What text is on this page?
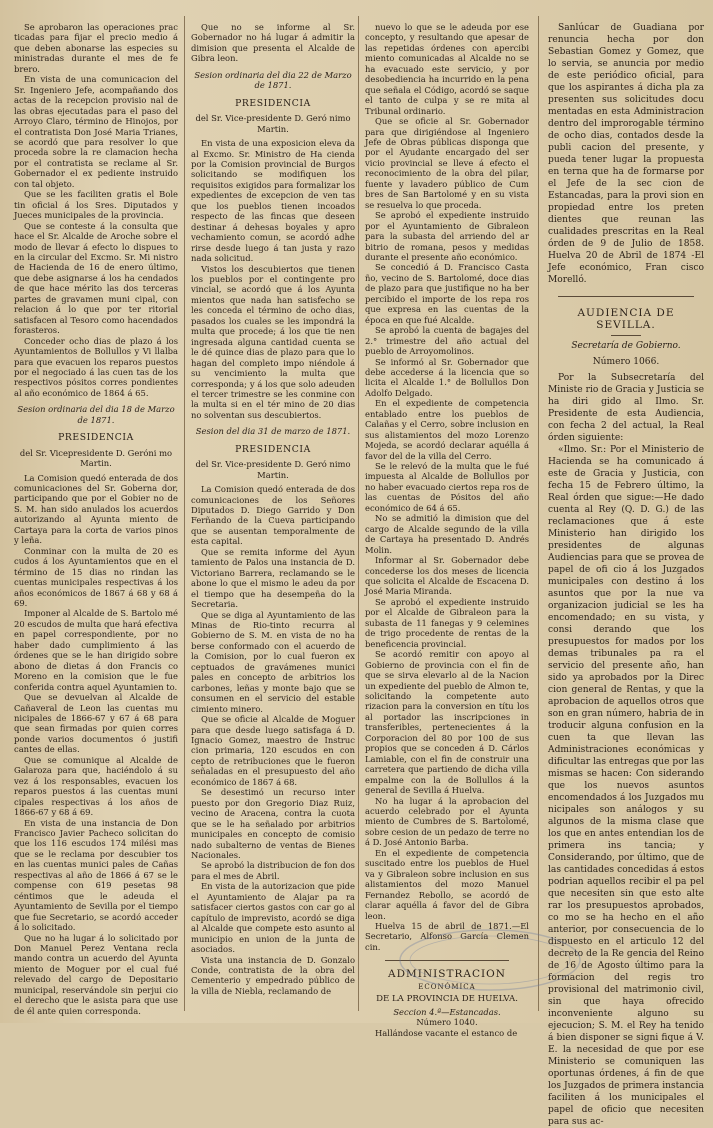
Se aprobaron las operaciones prac ticadas para fijar el precio medio á que deben abonarse las especies su ministradas durante el mes de fe brero.

En vista de una comunicacion del Sr. Ingeniero Jefe, acompañando dos actas de la recepcion provisio nal de las obras ejecutadas para el paso del Arroyo Claro, término de Hinojos, por el contratista Don José Maria Trianes, se acordó que para resolver lo que proceda sobre la re clamacion hecha por el contratista se reclame al Sr. Gobernador el ex pediente instruido con tal objeto.

Que se les faciliten gratis el Bole tin oficial á los Sres. Diputados y Jueces municipales de la provincia.

Que se conteste á la consulta que hace el Sr. Alcalde de Aroche sobre el modo de llevar á efecto lo dispues to en la circular del Excmo. Sr. Mi nistro de Hacienda de 16 de enero último, que debe asignarse á los ha cendados de que hace mérito las dos terceras partes de gravamen muni cipal, con relacion á lo que por ter ritorial satisfacen al Tesoro como hacendados forasteros.

Conceder ocho dias de plazo á los Ayuntamientos de Bollullos y Vi llalba para que evacuen los reparos puestos por el negociado á las cuen tas de los respectivos pósitos corres pondientes al año económico de 1864 á 65.

Sesion ordinaria del dia 18 de Marzo de 1871.

PRESIDENCIA

del Sr. Vicepresidente D. Geróni mo Martin.

La Comision quedó enterada de dos comunicaciones del Sr. Goberna dor, participando que por el Gobier no de S. M. han sido anulados los acuerdos autorizando al Ayunta miento de Cartaya para la corta de varios pinos y leña.

Conminar con la multa de 20 es cudos á los Ayuntamientos que en el término de 15 dias no rindan las cuentas municipales respectivas á los años económicos de 1867 á 68 y 68 á 69.

Imponer al Alcalde de S. Bartolo mé 20 escudos de multa que hará efectiva en papel correspondiente, por no haber dado cumplimiento á las órdenes que se le han dirigido sobre abono de dietas á don Francis co Moreno en la comision que le fue conferida contra aquel Ayuntamien to.

Que se devuelvan al Alcalde de Cañaveral de Leon las cuentas mu nicipales de 1866-67 y 67 á 68 para que sean firmadas por quien corres ponde varios documentos ó justifi cantes de ellas.

Que se comunique al Alcalde de Galaroza para que, haciéndolo á su vez á los responsables, evacuen los reparos puestos á las cuentas muni cipales respectivas á los años de 1866-67 y 68 á 69.

En vista de una instancia de Don Francisco Javier Pacheco solicitan do que los 116 escudos 174 milési mas que se le reclama por descubier tos en las cuentas munici pales de Cañas respectivas al año de 1866 á 67 se le compense con 619 pesetas 98 céntimos que le adeuda el Ayuntamiento de Sevilla por el tiempo que fue Secretario, se acordó acceder á lo solicitado.

Que no ha lugar á lo solicitado por Don Manuel Perez Ventana recla mando contra un acuerdo del Ayunta miento de Moguer por el cual fué relevado del cargo de Depositario municipal, reservándole sin perjui cio el derecho que le asista para que use de él ante quien corresponda.

Que no se informe al Sr. Gobernador no há lugar á admitir la dimision que presenta el Alcalde de Gibra leon.

Sesion ordinaria del dia 22 de Marzo de 1871.

PRESIDENCIA

del Sr. Vice-presidente D. Geró nimo Martin.

En vista de una exposicion eleva da al Excmo. Sr. Ministro de Ha cienda por la Comision provincial de Burgos solicitando se modifiquen los requisitos exigidos para formalizar los expedientes de excepcion de ven tas que los pueblos tienen incoados respecto de las fincas que deseen destinar á dehesas boyales y apro vechamiento comun, se acordó adhe rirse desde luego á tan justa y razo nada solicitud.

Vistos los descubiertos que tienen los pueblos por el contingente pro vincial, se acordó que á los Ayunta mientos que nada han satisfecho se les conceda el término de ocho dias, pasados los cuales se les impondrá la multa que procede; á los que tie nen ingresada alguna cantidad cuenta se le dé quince dias de plazo para que lo hagan del completo impo niéndole á su vencimiento la multa que corresponda; y á los que solo adeuden el tercer trimestre se les conmine con la multa si en el tér mino de 20 dias no solventan sus descubiertos.

Sesion del dia 31 de marzo de 1871.

PRESIDENCIA

del Sr. Vice-presidente D. Geró nimo Martin.

La Comision quedó enterada de dos comunicaciones de los Señores Diputados D. Diego Garrido y Don Ferñando de la Cueva participando que se ausentan temporalmente de esta capital.

Que se remita informe del Ayun tamiento de Palos una instancia de D. Victoriano Barrera, reclamando se le abone lo que el mismo le adeu da por el tiempo que ha desempeña do la Secretaria.

Que se diga al Ayuntamiento de las Minas de Rio-tinto recurra al Gobierno de S. M. en vista de no ha berse conformado con el acuerdo de la Comision, por lo cual fueron ex ceptuados de gravámenes munici pales en concepto de arbitrios los carbones, leñas y monte bajo que se consumen en el servicio del estable cimiento minero.

Que se oficie al Alcalde de Moguer para que desde luego satisfaga á D. Ignacio Gomez, maestro de Instruc cion primaria, 120 escudos en con cepto de retribuciones que le fueron señaladas en el presupuesto del año económico de 1867 á 68.

Se desestimó un recurso inter puesto por don Gregorio Diaz Ruiz, vecino de Aracena, contra la cuota que se le ha señalado por arbitrios municipales en concepto de comisio nado subalterno de ventas de Bienes Nacionales.

Se aprobó la distribucion de fon dos para el mes de Abril.

En vista de la autorizacion que pide el Ayuntamiento de Alajar pa ra satisfacer ciertos gastos con car go al capítulo de imprevisto, acordó se diga al Alcalde que compete esto asunto al municipio en union de la junta de asociados.

Vista una instancia de D. Gonzalo Conde, contratista de la obra del Cementerio y empedrado público de la villa de Niebla, reclamando de

nuevo lo que se le adeuda por ese concepto, y resultando que apesar de las repetidas órdenes con apercibi miento comunicadas al Alcalde no se ha evacuado este servicio, y por desobediencia ha incurrido en la pena que señala el Código, acordó se saque el tanto de culpa y se re mita al Tribunal ordinario.

Que se oficie al Sr. Gobernador para que dirigiéndose al Ingeniero Jefe de Obras públicas disponga que por el Ayudante encargado del ser vicio provincial se lleve á efecto el reconocimiento de la obra del pilar, fuente y lavadero público de Cum bres de San Bartolomé y en su vista se resuelva lo que proceda.

Se aprobó el expediente instruido por el Ayuntamiento de Gibraleon para la subasta del arriendo del ar bitrio de romana, pesos y medidas durante el presente año económico.

Se concedió á D. Francisco Casta ño, vecino de S. Bartolomé, doce dias de plazo para que justifique no ha ber percibido el importe de los repa ros que expresa en las cuentas de la época en que fué Alcalde.

Se aprobó la cuenta de bagajes del 2.° trimestre del año actual del pueblo de Arroyomolinos.

Se informó al Sr. Gobernador que debe accederse á la licencia que so licita el Alcalde 1.° de Bollullos Don Adolfo Delgado.

En el expediente de competencia entablado entre los pueblos de Calañas y el Cerro, sobre inclusion en sus alistamientos del mozo Lorenzo Mojeda, se acordó declarar aquélla á favor del de la villa del Cerro.

Se le relevó de la multa que le fué impuesta al Alcalde de Bollullos por no haber evacuado ciertos repa ros de las cuentas de Pósitos del año económico de 64 á 65.

No se admitió la dimision que del cargo de Alcalde segundo de la villa de Cartaya ha presentado D. Andrés Molin.

Informar al Sr. Gobernador debe concederse los dos meses de licencia que solicita el Alcalde de Escacena D. José Maria Miranda.

Se aprobó el expediente instruido por el Alcalde de Gibraleon para la subasta de 11 fanegas y 9 celemines de trigo procedente de rentas de la beneficencia provincial.

Se acordó remitir con apoyo al Gobierno de provincia con el fin de que se sirva elevarlo al de la Nacion un expediente del pueblo de Almon te, solicitando la competente auto rizacion para la conversion en títu los al portador las inscripciones in transferibles, pertenecientes á la Corporacion del 80 por 100 de sus propios que se conceden á D. Cárlos Lamiable, con el fin de construir una carretera que partiendo de dicha villa empalme con la de Bollullos á la general de Sevilla á Huelva.

No ha lugar á la aprobacion del acuerdo celebrado por el Ayunta miento de Cumbres de S. Bartolomé, sobre cesion de un pedazo de terre no á D. José Antonio Barba.

En el expediente de competencia suscitado entre los pueblos de Huel va y Gibraleon sobre inclusion en sus alistamientos del mozo Manuel Fernandez Rebollo, se acordó de clarar aquélla á favor del de Gibra leon.

Huelva 15 de abril de 1871.—El Secretario, Alfonso García Clemen cin.

ADMINISTRACION
ECONÓMICA
DE LA PROVINCIA DE HUELVA.
Seccion 4.ª—Estancadas.
Número 1040.

Hallándose vacante el estanco de

Sanlúcar de Guadiana por renuncia hecha por don Sebastian Gomez y Gomez, que lo servia, se anuncia por medio de este periódico oficial, para que los aspirantes á dicha pla za presenten sus solicitudes docu mentadas en esta Administracion dentro del improrogable término de ocho dias, contados desde la publi cacion del presente, y pueda tener lugar la propuesta en terna que ha de formarse por el Jefe de la sec cion de Estancadas, para la provi sion en propiedad entre los preten dientes que reunan las cualidades prescritas en la Real órden de 9 de Julio de 1858. Huelva 20 de Abril de 1874 -El Jefe económico, Fran cisco Morelló.

AUDIENCIA DE SEVILLA.
Secretaría de Gobierno.
Número 1066.

Por la Subsecretaría del Ministe rio de Gracia y Justicia se ha diri gido al Ilmo. Sr. Presidente de esta Audiencia, con fecha 2 del actual, la Real órden siguiente:

«Ilmo. Sr.: Por el Ministerio de Hacienda se ha comunicado á este de Gracia y Justicia, con fecha 15 de Febrero último, la Real órden que sigue:—He dado cuenta al Rey (Q. D. G.) de las reclamaciones que á este Ministerio han dirigido los presidentes de algunas Audiencias para que se provea de papel de ofi cio á los Juzgados municipales con destino á los asuntos que por la nue va organizacion judicial se les ha encomendado; en su vista, y consi derando que los presupuestos for mados por los demas tribunales pa ra el servicio del presente año, han sido ya aprobados por la Direc cion general de Rentas, y que la aprobacion de aquellos otros que son en gran número, habria de in troducir alguna confusion en la cuen ta que llevan las Administraciones económicas y dificultar las entregas que por las mismas se hacen: Con siderando que los nuevos asuntos encomendados á los Juzgados mu nicipales son análogos y su algunos de la misma clase que los que en antes entendian los de primera ins tancia; y Considerando, por último, que de las cantidades concedidas á estos podrian aquellos recibir el pa pel que necesiten sin que esto alte rar los presupuestos aprobados, co mo se ha hecho en el año anterior, por consecuencia de lo dispuesto en el articulo 12 del decreto de la Re gencia del Reino de 16 de Agosto último para la formacion del regis tro provisional del matrimonio civil, sin que haya ofrecido inconveniente alguno su ejecucion; S. M. el Rey ha tenido á bien disponer se signi fique á V. E. la necesidad de que por ese Ministerio se comuniquen las oportunas órdenes, á fin de que los Juzgados de primera instancia faciliten á los municipales el papel de oficio que necesiten para sus ac-
